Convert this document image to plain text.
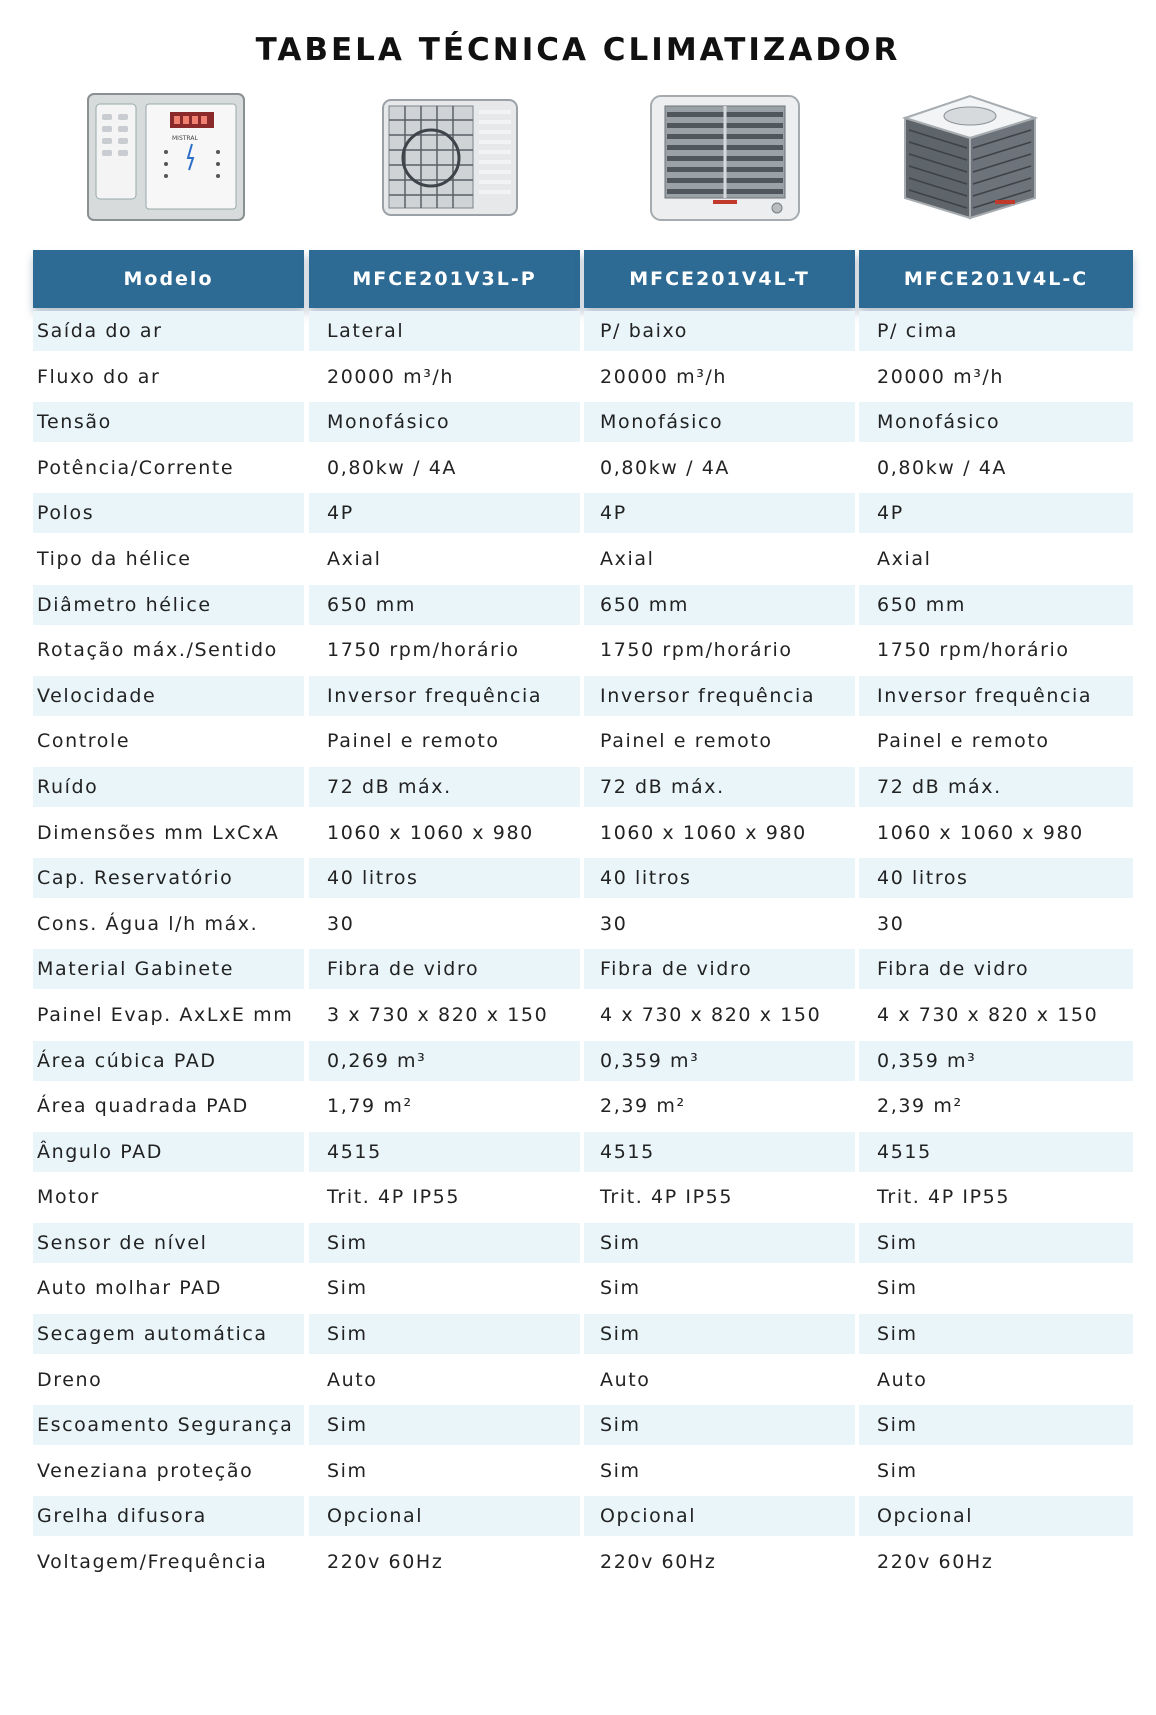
TABELA TÉCNICA CLIMATIZADOR
MISTRAL
Modelo	MFCE201V3L-P	MFCE201V4L-T	MFCE201V4L-C
Saída do ar	Lateral	P/ baixo	P/ cima
Fluxo do ar	20000 m³/h	20000 m³/h	20000 m³/h
Tensão	Monofásico	Monofásico	Monofásico
Potência/Corrente	0,80kw / 4A	0,80kw / 4A	0,80kw / 4A
Polos	4P	4P	4P
Tipo da hélice	Axial	Axial	Axial
Diâmetro hélice	650 mm	650 mm	650 mm
Rotação máx./Sentido	1750 rpm/horário	1750 rpm/horário	1750 rpm/horário
Velocidade	Inversor frequência	Inversor frequência	Inversor frequência
Controle	Painel e remoto	Painel e remoto	Painel e remoto
Ruído	72 dB máx.	72 dB máx.	72 dB máx.
Dimensões mm LxCxA	1060 x 1060 x 980	1060 x 1060 x 980	1060 x 1060 x 980
Cap. Reservatório	40 litros	40 litros	40 litros
Cons. Água l/h máx.	30	30	30
Material Gabinete	Fibra de vidro	Fibra de vidro	Fibra de vidro
Painel Evap. AxLxE mm	3 x 730 x 820 x 150	4 x 730 x 820 x 150	4 x 730 x 820 x 150
Área cúbica PAD	0,269 m³	0,359 m³	0,359 m³
Área quadrada PAD	1,79 m²	2,39 m²	2,39 m²
Ângulo PAD	4515	4515	4515
Motor	Trit. 4P IP55	Trit. 4P IP55	Trit. 4P IP55
Sensor de nível	Sim	Sim	Sim
Auto molhar PAD	Sim	Sim	Sim
Secagem automática	Sim	Sim	Sim
Dreno	Auto	Auto	Auto
Escoamento Segurança	Sim	Sim	Sim
Veneziana proteção	Sim	Sim	Sim
Grelha difusora	Opcional	Opcional	Opcional
Voltagem/Frequência	220v 60Hz	220v 60Hz	220v 60Hz
